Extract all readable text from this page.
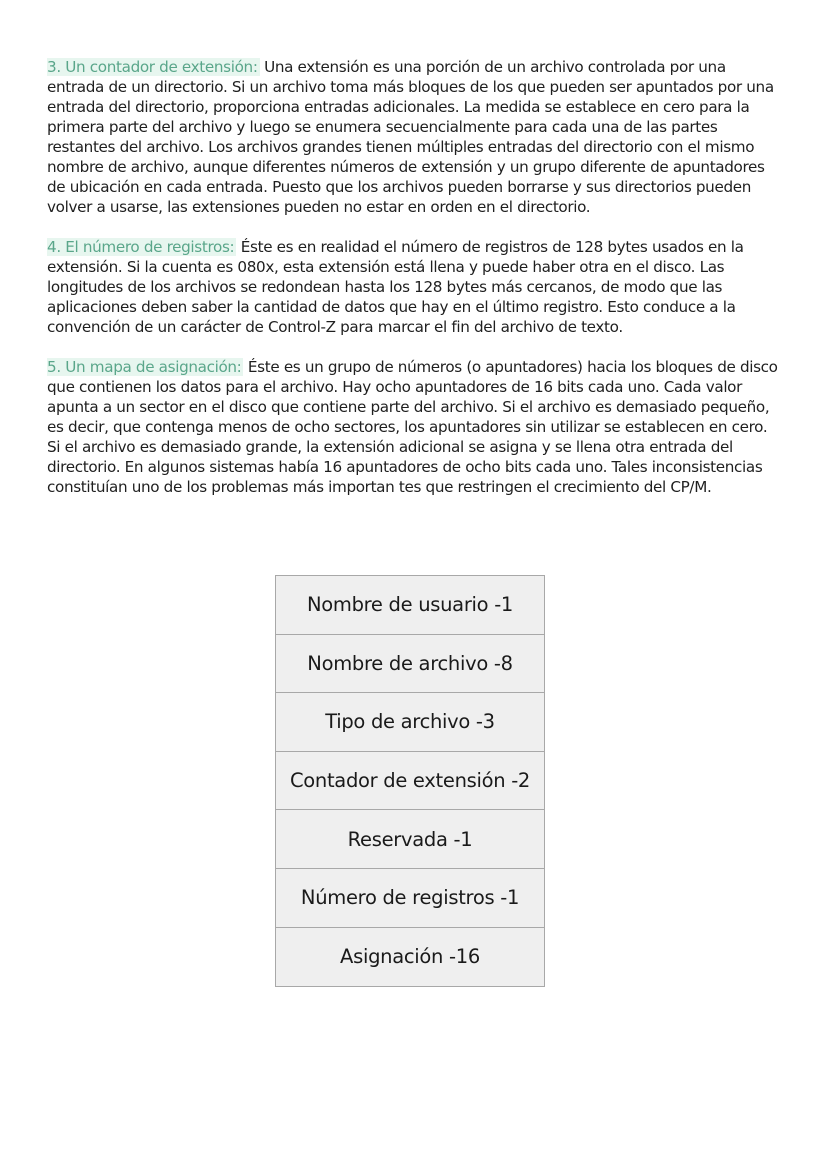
3. Un contador de extensión: Una extensión es una porción de un archivo controlada por una entrada de un directorio. Si un archivo toma más bloques de los que pueden ser apuntados por una entrada del directorio, proporciona entradas adicionales. La medida se establece en cero para la primera parte del archivo y luego se enumera secuencialmente para cada una de las partes restantes del archivo. Los archivos grandes tienen múltiples entradas del directorio con el mismo nombre de archivo, aunque diferentes números de extensión y un grupo diferente de apuntadores de ubicación en cada entrada. Puesto que los archivos pueden borrarse y sus directorios pueden volver a usarse, las extensiones pueden no estar en orden en el directorio.

4. El número de registros: Éste es en realidad el número de registros de 128 bytes usados en la extensión. Si la cuenta es 080x, esta extensión está llena y puede haber otra en el disco. Las longitudes de los archivos se redondean hasta los 128 bytes más cercanos, de modo que las aplicaciones deben saber la cantidad de datos que hay en el último registro. Esto conduce a la convención de un carácter de Control-Z para marcar el fin del archivo de texto.

5. Un mapa de asignación: Éste es un grupo de números (o apuntadores) hacia los bloques de disco que contienen los datos para el archivo. Hay ocho apuntadores de 16 bits cada uno. Cada valor apunta a un sector en el disco que contiene parte del archivo. Si el archivo es demasiado pequeño, es decir, que contenga menos de ocho sectores, los apuntadores sin utilizar se establecen en cero. Si el archivo es demasiado grande, la extensión adicional se asigna y se llena otra entrada del directorio. En algunos sistemas había 16 apuntadores de ocho bits cada uno. Tales inconsistencias constituían uno de los problemas más importan tes que restringen el crecimiento del CP/M.

Nombre de usuario -1
Nombre de archivo -8
Tipo de archivo -3
Contador de extensión -2
Reservada -1
Número de registros -1
Asignación -16
